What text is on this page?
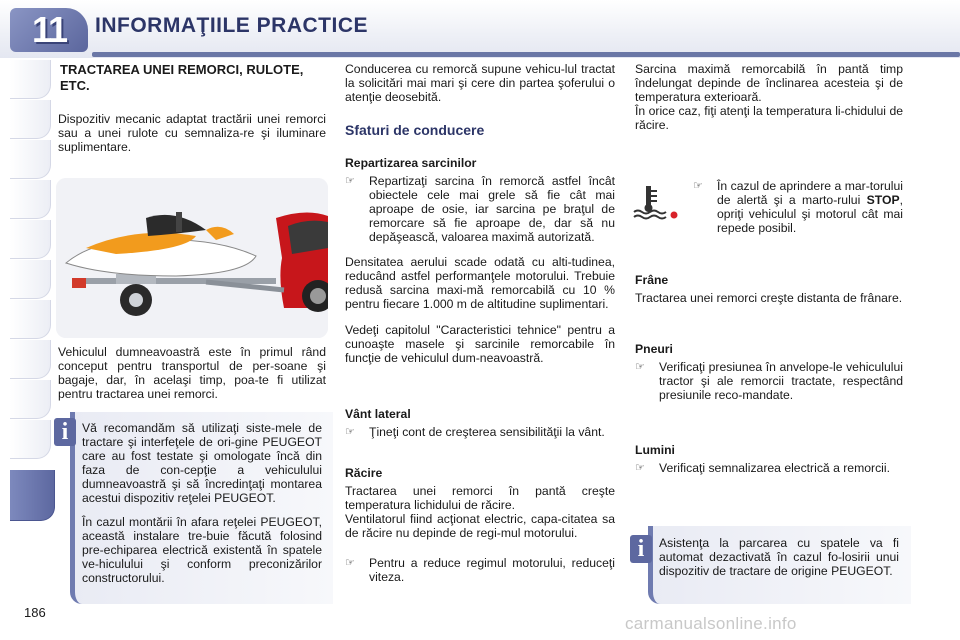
11	INFORMAŢIILE PRACTICE
TRACTAREA UNEI REMORCI, RULOTE, ETC.
Dispozitiv mecanic adaptat tractării unei remorci sau a unei rulote cu semnaliza-re şi iluminare suplimentare.
Vehiculul dumneavoastră este în primul rând conceput pentru transportul de per-soane şi bagaje, dar, în acelaşi timp, poa-te fi utilizat pentru tractarea unei remorci.
i	Vă recomandăm să utilizaţi siste-mele de tractare şi interfeţele de ori-gine PEUGEOT care au fost testate şi omologate încă din faza de con-cepţie a vehiculului dumneavoastră şi să încredinţaţi montarea acestui dispozitiv reţelei PEUGEOT.
În cazul montării în afara reţelei PEUGEOT, această instalare tre-buie făcută folosind pre-echiparea electrică existentă în spatele ve-hiculului şi conform preconizărilor constructorului.
Conducerea cu remorcă supune vehicu-lul tractat la solicitări mai mari şi cere din partea şoferului o atenţie deosebită.
Sfaturi de conducere
Repartizarea sarcinilor
☞	Repartizaţi sarcina în remorcă astfel încât obiectele cele mai grele să fie cât mai aproape de osie, iar sarcina pe braţul de remorcare să fie aproape de, dar să nu depăşească, valoarea maximă autorizată.
Densitatea aerului scade odată cu alti-tudinea, reducând astfel performanţele motorului. Trebuie redusă sarcina maxi-mă remorcabilă cu 10 % pentru fiecare 1.000 m de altitudine suplimentari.
Vedeţi capitolul "Caracteristici tehnice" pentru a cunoaşte masele şi sarcinile remorcabile în funcţie de vehiculul dum-neavoastră.
Vânt lateral
☞	Ţineţi cont de creşterea sensibilităţii la vânt.
Răcire
Tractarea unei remorci în pantă creşte temperatura lichidului de răcire.
Ventilatorul fiind acţionat electric, capa-citatea sa de răcire nu depinde de regi-mul motorului.
☞	Pentru a reduce regimul motorului, reduceţi viteza.
Sarcina maximă remorcabilă în pantă timp îndelungat depinde de înclinarea acesteia şi de temperatura exterioară.
În orice caz, fiţi atenţi la temperatura li-chidului de răcire.
☞	În cazul de aprindere a mar-torului de alertă şi a marto-rului STOP, opriţi vehiculul şi motorul cât mai repede posibil.
Frâne
Tractarea unei remorci creşte distanta de frânare.
Pneuri
☞	Verificaţi presiunea în anvelope-le vehiculului tractor şi ale remorcii tractate, respectând presiunile reco-mandate.
Lumini
☞	Verificaţi semnalizarea electrică a remorcii.
i	Asistenţa la parcarea cu spatele va fi automat dezactivată în cazul fo-losirii unui dispozitiv de tractare de origine PEUGEOT.
186
carmanualsonline.info
